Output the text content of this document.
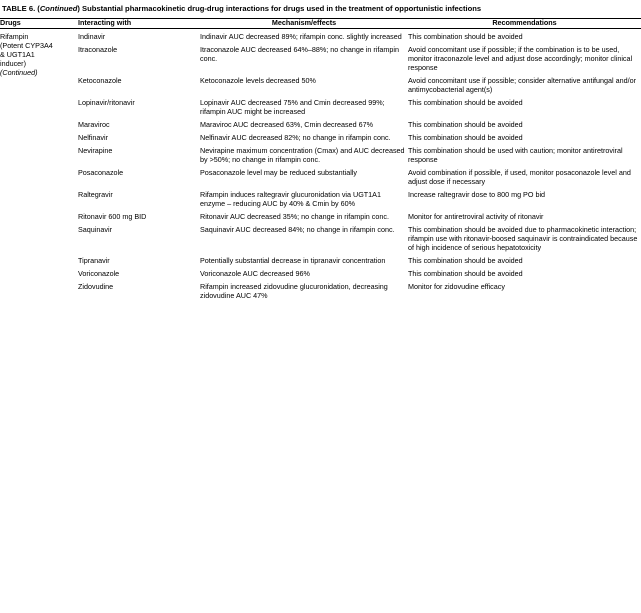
TABLE 6. (Continued) Substantial pharmacokinetic drug-drug interactions for drugs used in the treatment of opportunistic infections
Drugs	Interacting with	Mechanism/effects	Recommendations

Rifampin
(Potent CYP3A4
& UGT1A1
inducer)
(Continued)	Indinavir	Indinavir AUC decreased 89%; rifampin conc. slightly increased	This combination should be avoided
	Itraconazole	Itraconazole AUC decreased 64%–88%; no change in rifampin conc.	Avoid concomitant use if possible; if the combination is to be used, monitor itraconazole level and adjust dose accordingly; monitor clinical response
	Ketoconazole	Ketoconazole levels decreased 50%	Avoid concomitant use if possible; consider alternative antifungal and/or antimycobacterial agent(s)
	Lopinavir/ritonavir	Lopinavir AUC decreased 75% and Cmin decreased 99%; rifampin AUC might be increased	This combination should be avoided
	Maraviroc	Maraviroc AUC decreased 63%, Cmin decreased 67%	This combination should be avoided
	Nelfinavir	Nelfinavir AUC decreased 82%; no change in rifampin conc.	This combination should be avoided
	Nevirapine	Nevirapine maximum concentration (Cmax) and AUC decreased by >50%; no change in rifampin conc.	This combination should be used with caution; monitor antiretroviral response
	Posaconazole	Posaconazole level may be reduced substantially	Avoid combination if possible, if used, monitor posaconazole level and adjust dose if necessary
	Raltegravir	Rifampin induces raltegravir glucuronidation via UGT1A1 enzyme – reducing AUC by 40% & Cmin by 60%	Increase raltegravir dose to 800 mg PO bid
	Ritonavir 600 mg BID	Ritonavir AUC decreased 35%; no change in rifampin conc.	Monitor for antiretroviral activity of ritonavir
	Saquinavir	Saquinavir AUC decreased 84%; no change in rifampin conc.	This combination should be avoided due to pharmacokinetic interaction; rifampin use with ritonavir-boosed saquinavir is contraindicated because of high incidence of serious hepatotoxicity
	Tipranavir	Potentially substantial decrease in tipranavir concentration	This combination should be avoided
	Voriconazole	Voriconazole AUC decreased 96%	This combination should be avoided
	Zidovudine	Rifampin increased zidovudine glucuronidation, decreasing zidovudine AUC 47%	Monitor for zidovudine efficacy
